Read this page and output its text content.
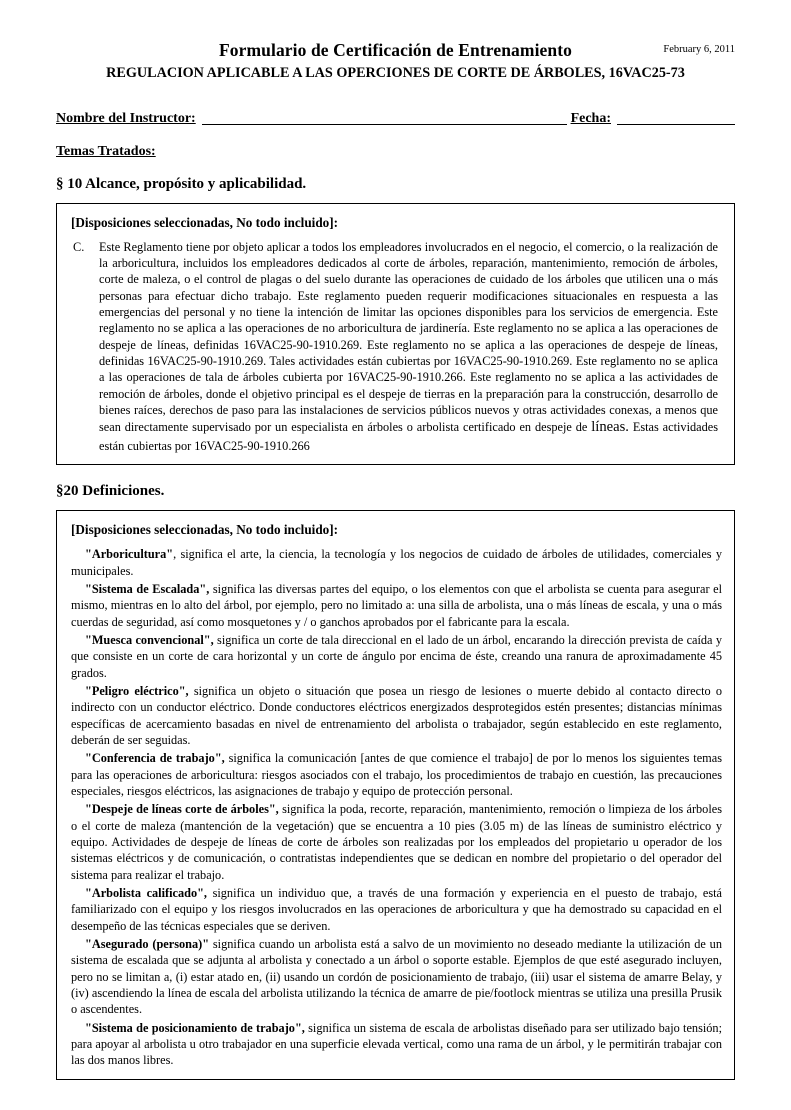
Formulario de Certificación de Entrenamiento	February 6, 2011
REGULACION APLICABLE A LAS OPERCIONES DE CORTE DE ÁRBOLES, 16VAC25-73
Nombre del Instructor:	Fecha:
Temas Tratados:
§ 10 Alcance, propósito y aplicabilidad.
[Disposiciones seleccionadas, No todo incluido]:
C.	Este Reglamento tiene por objeto aplicar a todos los empleadores involucrados en el negocio, el comercio, o la realización de la arboricultura, incluidos los empleadores dedicados al corte de árboles, reparación, mantenimiento, remoción de árboles, corte de maleza, o el control de plagas o del suelo durante las operaciones de cuidado de los árboles que utilicen una o más personas para efectuar dicho trabajo. Este reglamento pueden requerir modificaciones situacionales en respuesta a las emergencias del personal y no tiene la intención de limitar las opciones disponibles para los servicios de emergencia. Este reglamento no se aplica a las operaciones de no arboricultura de jardinería. Este reglamento no se aplica a las operaciones de despeje de líneas, definidas 16VAC25-90-1910.269. Este reglamento no se aplica a las operaciones de despeje de líneas, definidas 16VAC25-90-1910.269. Tales actividades están cubiertas por 16VAC25-90-1910.269. Este reglamento no se aplica a las operaciones de tala de árboles cubierta por 16VAC25-90-1910.266. Este reglamento no se aplica a las actividades de remoción de árboles, donde el objetivo principal es el despeje de tierras en la preparación para la construcción, desarrollo de bienes raíces, derechos de paso para las instalaciones de servicios públicos nuevos y otras actividades conexas, a menos que sean directamente supervisado por un especialista en árboles o arbolista certificado en despeje de líneas. Estas actividades están cubiertas por 16VAC25-90-1910.266

§20 Definiciones.
[Disposiciones seleccionadas, No todo incluido]:

"Arboricultura", significa el arte, la ciencia, la tecnología y los negocios de cuidado de árboles de utilidades, comerciales y municipales.

"Sistema de Escalada", significa las diversas partes del equipo, o los elementos con que el arbolista se cuenta para asegurar el mismo, mientras en lo alto del árbol, por ejemplo, pero no limitado a: una silla de arbolista, una o más líneas de escala, y una o más cuerdas de seguridad, así como mosquetones y / o ganchos aprobados por el fabricante para la escala.

"Muesca convencional", significa un corte de tala direccional en el lado de un árbol, encarando la dirección prevista de caída y que consiste en un corte de cara horizontal y un corte de ángulo por encima de éste, creando una ranura de aproximadamente 45 grados.

"Peligro eléctrico", significa un objeto o situación que posea un riesgo de lesiones o muerte debido al contacto directo o indirecto con un conductor eléctrico. Donde conductores eléctricos energizados desprotegidos estén presentes; distancias mínimas específicas de acercamiento basadas en nivel de entrenamiento del arbolista o trabajador, según establecido en este reglamento, deberán de ser seguidas.

"Conferencia de trabajo", significa la comunicación [antes de que comience el trabajo] de por lo menos los siguientes temas para las operaciones de arboricultura: riesgos asociados con el trabajo, los procedimientos de trabajo en cuestión, las precauciones especiales, riesgos eléctricos, las asignaciones de trabajo y equipo de protección personal.

"Despeje de líneas corte de árboles", significa la poda, recorte, reparación, mantenimiento, remoción o limpieza de los árboles o el corte de maleza (mantención de la vegetación) que se encuentra a 10 pies (3.05 m) de las líneas de suministro eléctrico y equipo. Actividades de despeje de líneas de corte de árboles son realizadas por los empleados del propietario u operador de los sistemas eléctricos y de comunicación, o contratistas independientes que se dedican en nombre del propietario o del operador del sistema para realizar el trabajo.

"Arbolista calificado", significa un individuo que, a través de una formación y experiencia en el puesto de trabajo, está familiarizado con el equipo y los riesgos involucrados en las operaciones de arboricultura y que ha demostrado su capacidad en el desempeño de las técnicas especiales que se deriven.

"Asegurado (persona)" significa cuando un arbolista está a salvo de un movimiento no deseado mediante la utilización de un sistema de escalada que se adjunta al arbolista y conectado a un árbol o soporte estable. Ejemplos de que esté asegurado incluyen, pero no se limitan a, (i) estar atado en, (ii) usando un cordón de posicionamiento de trabajo, (iii) usar el sistema de amarre Belay, y (iv) ascendiendo la línea de escala del arbolista utilizando la técnica de amarre de pie/footlock mientras se utiliza una presilla Prusik o ascendentes.

"Sistema de posicionamiento de trabajo", significa un sistema de escala de arbolistas diseñado para ser utilizado bajo tensión; para apoyar al arbolista u otro trabajador en una superficie elevada vertical, como una rama de un árbol, y le permitirán trabajar con las dos manos libres.
